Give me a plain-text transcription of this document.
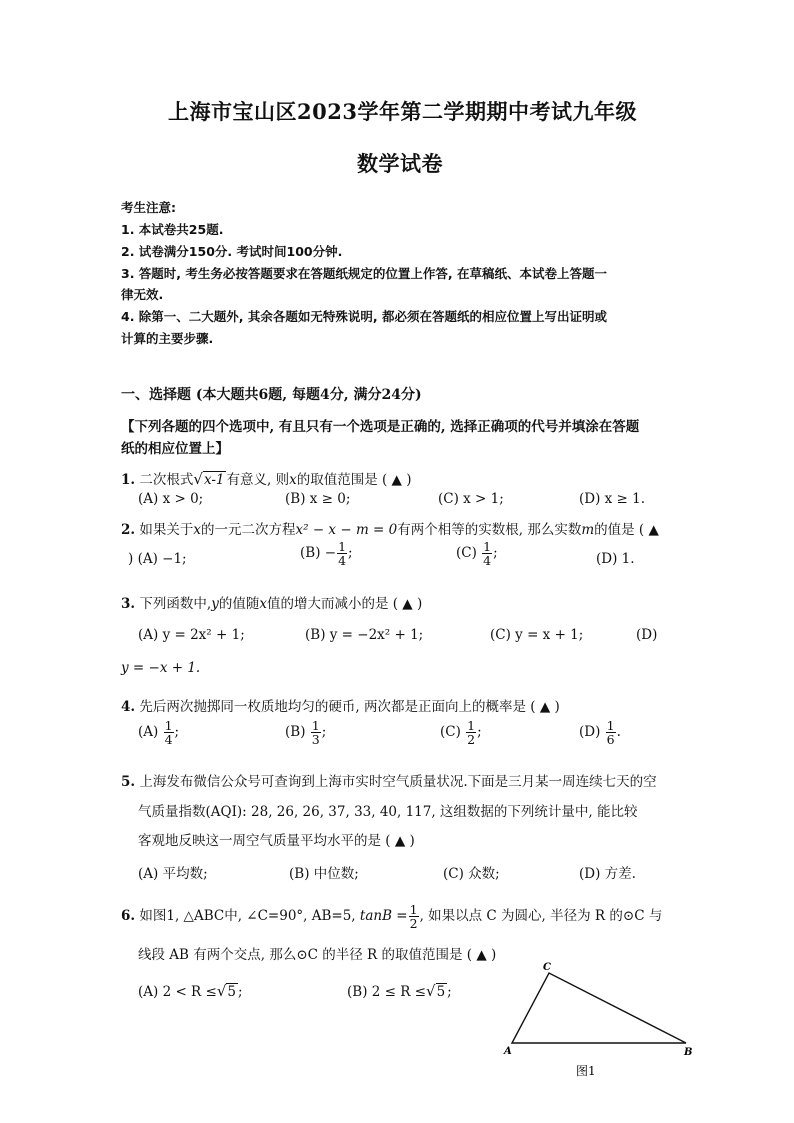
上海市宝山区2023学年第二学期期中考试九年级
数学试卷
考生注意:
1. 本试卷共25题.
2. 试卷满分150分. 考试时间100分钟.
3. 答题时, 考生务必按答题要求在答题纸规定的位置上作答, 在草稿纸、本试卷上答题一
律无效.
4. 除第一、二大题外, 其余各题如无特殊说明, 都必须在答题纸的相应位置上写出证明或
计算的主要步骤.
一、选择题 (本大题共6题, 每题4分, 满分24分)
【下列各题的四个选项中, 有且只有一个选项是正确的, 选择正确项的代号并填涂在答题
纸的相应位置上】
1. 二次根式√x-1 有意义, 则x的取值范围是 ( ▲ )
(A) x > 0;	(B) x ≥ 0;	(C) x > 1;	(D) x ≥ 1.
2. 如果关于x的一元二次方程x² − x − m = 0有两个相等的实数根, 那么实数m的值是 ( ▲
) (A) −1;	$(B) - \frac{1}{4}$ ;	$(C) \frac{1}{4}$ ;	(D) 1.
3. 下列函数中,y的值随x值的增大而减小的是 ( ▲ )
(A) y = 2x² + 1;	(B) y = −2x² + 1;	(C) y = x + 1;	(D)
y = −x + 1.
4. 先后两次抛掷同一枚质地均匀的硬币, 两次都是正面向上的概率是 ( ▲ )
$(A) \frac{1}{4}$ ;	$(B) \frac{1}{3}$ ;	$(C) \frac{1}{2}$ ;	$(D) \frac{1}{6}$ .
5. 上海发布微信公众号可查询到上海市实时空气质量状况.下面是三月某一周连续七天的空
气质量指数(AQI): 28, 26, 26, 37, 33, 40, 117, 这组数据的下列统计量中, 能比较
客观地反映这一周空气质量平均水平的是 ( ▲ )
(A) 平均数;	(B) 中位数;	(C) 众数;	(D) 方差.
6. 如图1, △ABC中, ∠C=90°, AB=5, $\tan B = \frac{1}{2}$ , 如果以点 C 为圆心, 半径为 R 的⊙C 与
线段 AB 有两个交点, 那么⊙C 的半径 R 的取值范围是 ( ▲ )
(A) 2 < R ≤√5 ;	(B) 2 ≤ R ≤√5 ;
A
C
B
图1
